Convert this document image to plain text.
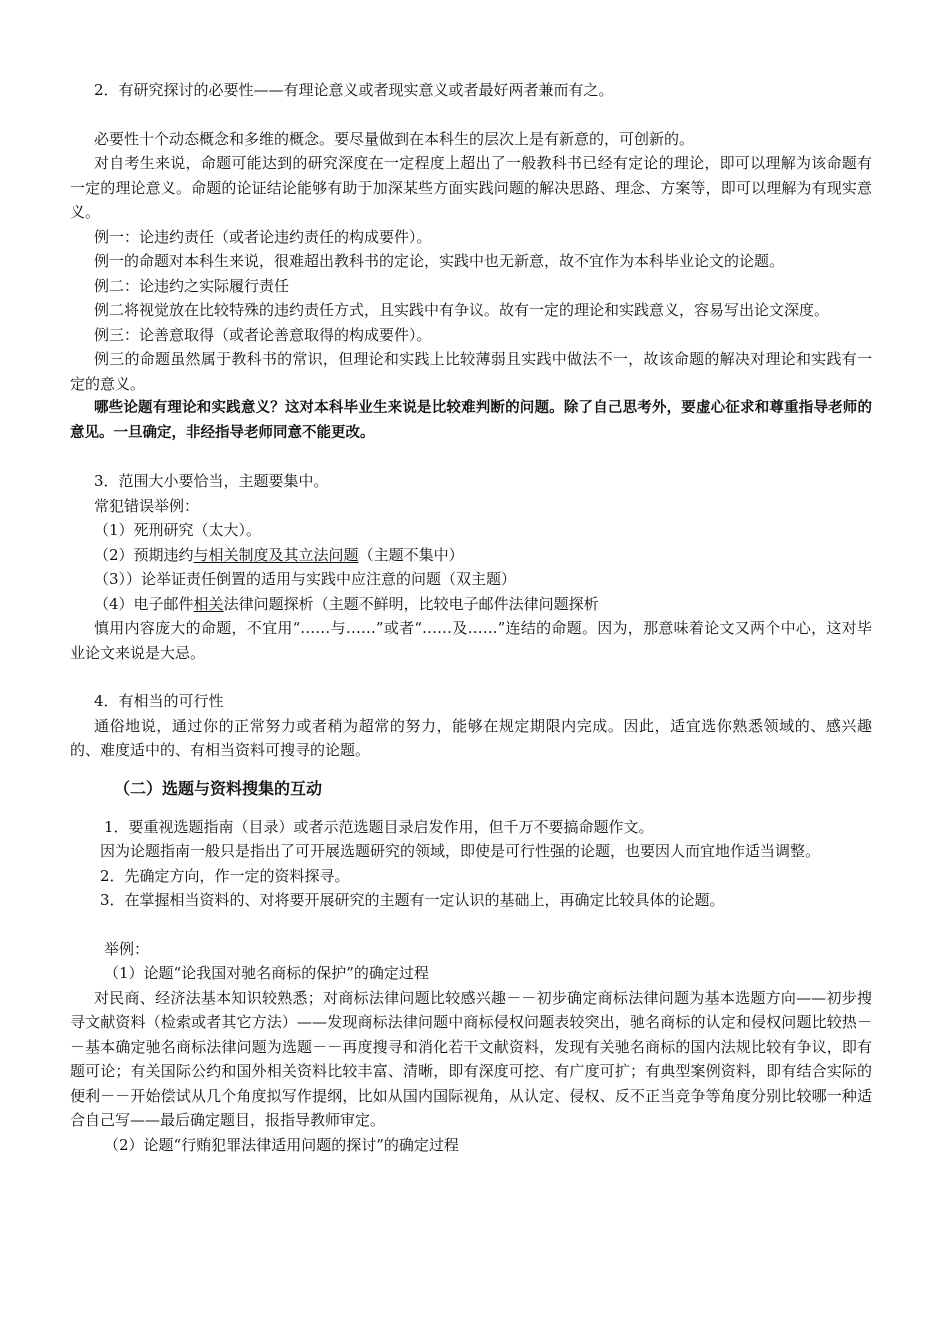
2．有研究探讨的必要性——有理论意义或者现实意义或者最好两者兼而有之。

必要性十个动态概念和多维的概念。要尽量做到在本科生的层次上是有新意的，可创新的。

对自考生来说，命题可能达到的研究深度在一定程度上超出了一般教科书已经有定论的理论，即可以理解为该命题有一定的理论意义。命题的论证结论能够有助于加深某些方面实践问题的解决思路、理念、方案等，即可以理解为有现实意义。

例一：论违约责任（或者论违约责任的构成要件）。

例一的命题对本科生来说，很难超出教科书的定论，实践中也无新意，故不宜作为本科毕业论文的论题。

例二：论违约之实际履行责任

例二将视觉放在比较特殊的违约责任方式，且实践中有争议。故有一定的理论和实践意义，容易写出论文深度。

例三：论善意取得（或者论善意取得的构成要件）。

例三的命题虽然属于教科书的常识，但理论和实践上比较薄弱且实践中做法不一，故该命题的解决对理论和实践有一定的意义。

哪些论题有理论和实践意义？这对本科毕业生来说是比较难判断的问题。除了自己思考外，要虚心征求和尊重指导老师的意见。一旦确定，非经指导老师同意不能更改。

3．范围大小要恰当，主题要集中。

常犯错误举例：

（1）死刑研究（太大）。

（2）预期违约与相关制度及其立法问题（主题不集中）

（3））论举证责任倒置的适用与实践中应注意的问题（双主题）

（4）电子邮件相关法律问题探析（主题不鲜明，比较电子邮件法律问题探析

慎用内容庞大的命题，不宜用“……与……”或者“……及……”连结的命题。因为，那意味着论文又两个中心，这对毕业论文来说是大忌。

4．有相当的可行性

通俗地说，通过你的正常努力或者稍为超常的努力，能够在规定期限内完成。因此，适宜选你熟悉领域的、感兴趣的、难度适中的、有相当资料可搜寻的论题。

（二）选题与资料搜集的互动

1．要重视选题指南（目录）或者示范选题目录启发作用，但千万不要搞命题作文。

因为论题指南一般只是指出了可开展选题研究的领域，即使是可行性强的论题，也要因人而宜地作适当调整。

2．先确定方向，作一定的资料探寻。

3．在掌握相当资料的、对将要开展研究的主题有一定认识的基础上，再确定比较具体的论题。

举例：

（1）论题“论我国对驰名商标的保护”的确定过程

对民商、经济法基本知识较熟悉；对商标法律问题比较感兴趣－－初步确定商标法律问题为基本选题方向——初步搜寻文献资料（检索或者其它方法）——发现商标法律问题中商标侵权问题表较突出，驰名商标的认定和侵权问题比较热－－基本确定驰名商标法律问题为选题－－再度搜寻和消化若干文献资料，发现有关驰名商标的国内法规比较有争议，即有题可论；有关国际公约和国外相关资料比较丰富、清晰，即有深度可挖、有广度可扩；有典型案例资料，即有结合实际的便利－－开始偿试从几个角度拟写作提纲，比如从国内国际视角，从认定、侵权、反不正当竞争等角度分别比较哪一种适合自己写——最后确定题目，报指导教师审定。

（2）论题“行贿犯罪法律适用问题的探讨”的确定过程
